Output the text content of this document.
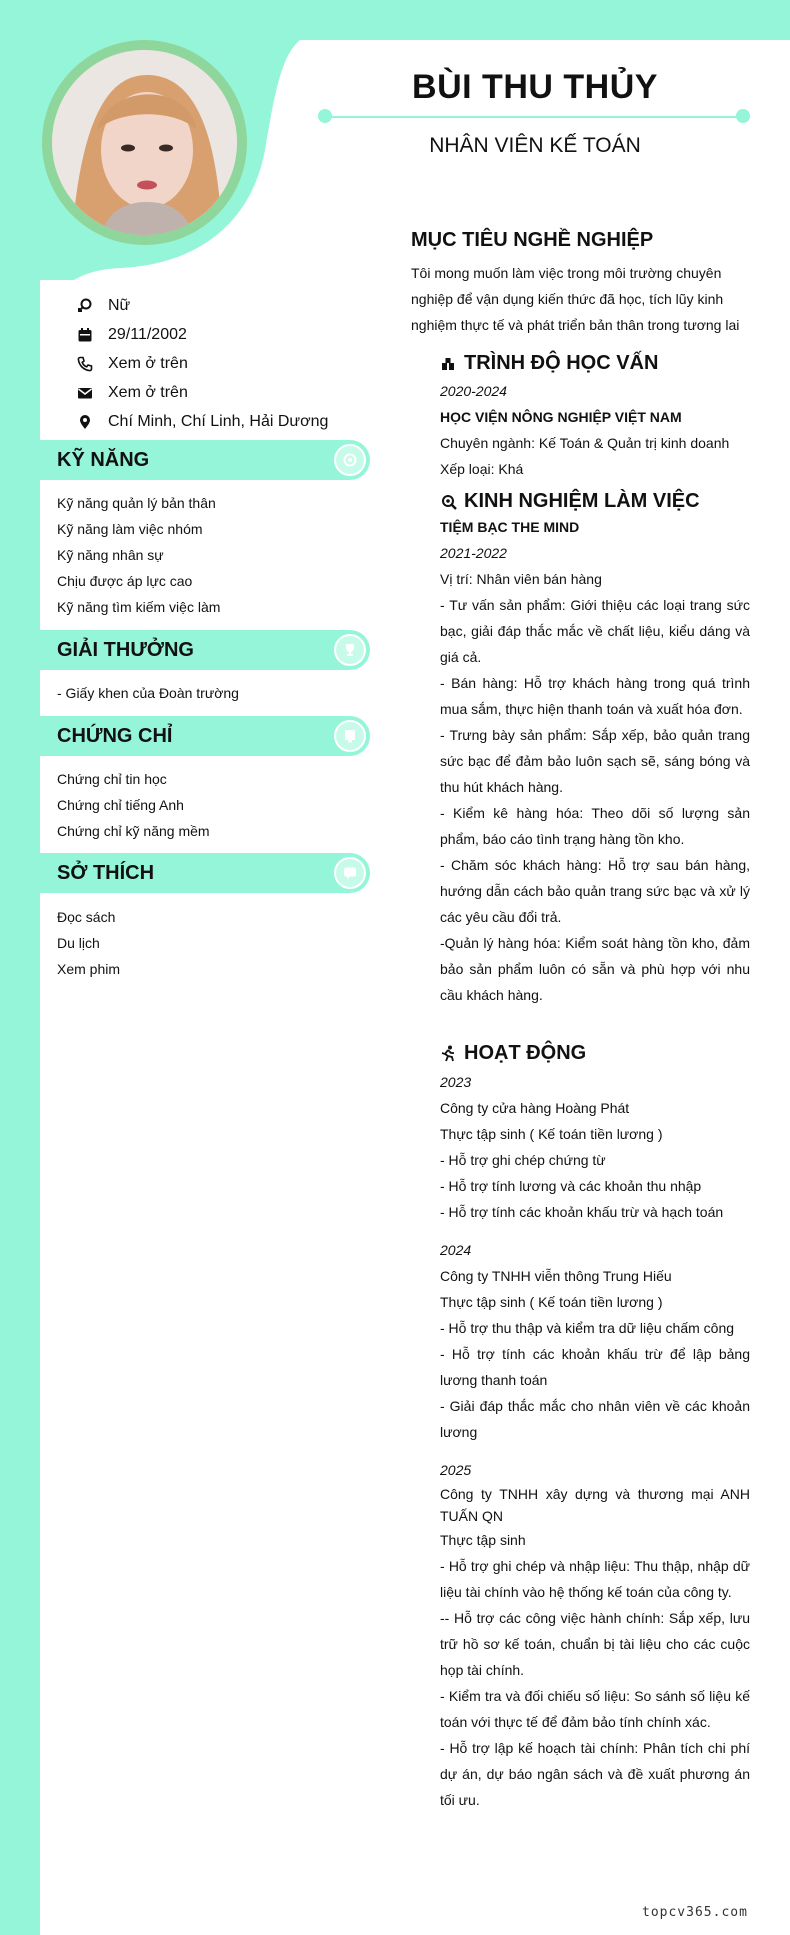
BÙI THU THỦY
NHÂN VIÊN KẾ TOÁN
Nữ
29/11/2002
Xem ở trên
Xem ở trên
Chí Minh, Chí Linh, Hải Dương
KỸ NĂNG
Kỹ năng quản lý bản thân
Kỹ năng làm việc nhóm
Kỹ năng nhân sự
Chịu được áp lực cao
Kỹ năng tìm kiếm việc làm
GIẢI THƯỞNG
- Giấy khen của Đoàn trường
CHỨNG CHỈ
Chứng chỉ tin học
Chứng chỉ tiếng Anh
Chứng chỉ kỹ năng mềm
SỞ THÍCH
Đọc sách
Du lịch
Xem phim
MỤC TIÊU NGHỀ NGHIỆP
Tôi mong muốn làm việc trong môi trường chuyên
nghiệp để vận dụng kiến thức đã học, tích lũy kinh
nghiệm thực tế và phát triển bản thân trong tương lai
TRÌNH ĐỘ HỌC VẤN
2020-2024
HỌC VIỆN NÔNG NGHIỆP VIỆT NAM
Chuyên ngành: Kế Toán & Quản trị kinh doanh
Xếp loại: Khá
KINH NGHIỆM LÀM VIỆC
TIỆM BẠC THE MIND
2021-2022
Vị trí: Nhân viên bán hàng
- Tư vấn sản phẩm: Giới thiệu các loại trang sức bạc, giải đáp thắc mắc về chất liệu, kiểu dáng và giá cả.
- Bán hàng: Hỗ trợ khách hàng trong quá trình mua sắm, thực hiện thanh toán và xuất hóa đơn.
- Trưng bày sản phẩm: Sắp xếp, bảo quản trang sức bạc để đảm bảo luôn sạch sẽ, sáng bóng và thu hút khách hàng.
- Kiểm kê hàng hóa: Theo dõi số lượng sản phẩm, báo cáo tình trạng hàng tồn kho.
- Chăm sóc khách hàng: Hỗ trợ sau bán hàng, hướng dẫn cách bảo quản trang sức bạc và xử lý các yêu cầu đổi trả.
-Quản lý hàng hóa: Kiểm soát hàng tồn kho, đảm bảo sản phẩm luôn có sẵn và phù hợp với nhu cầu khách hàng.
HOẠT ĐỘNG
2023
Công ty cửa hàng Hoàng Phát
Thực tập sinh ( Kế toán tiền lương )
- Hỗ trợ ghi chép chứng từ
- Hỗ trợ tính lương và các khoản thu nhập
- Hỗ trợ tính các khoản khấu trừ và hạch toán
2024
Công ty TNHH viễn thông Trung Hiếu
Thực tập sinh ( Kế toán tiền lương )
- Hỗ trợ thu thập và kiểm tra dữ liệu chấm công
- Hỗ trợ tính các khoản khấu trừ để lập bảng lương thanh toán
- Giải đáp thắc mắc cho nhân viên về các khoản lương
2025
Công ty TNHH xây dựng và thương mại ANH TUẤN QN
Thực tập sinh
- Hỗ trợ ghi chép và nhập liệu: Thu thập, nhập dữ liệu tài chính vào hệ thống kế toán của công ty.
-- Hỗ trợ các công việc hành chính: Sắp xếp, lưu trữ hồ sơ kế toán, chuẩn bị tài liệu cho các cuộc họp tài chính.
- Kiểm tra và đối chiếu số liệu: So sánh số liệu kế toán với thực tế để đảm bảo tính chính xác.
- Hỗ trợ lập kế hoạch tài chính: Phân tích chi phí dự án, dự báo ngân sách và đề xuất phương án tối ưu.
topcv365.com
